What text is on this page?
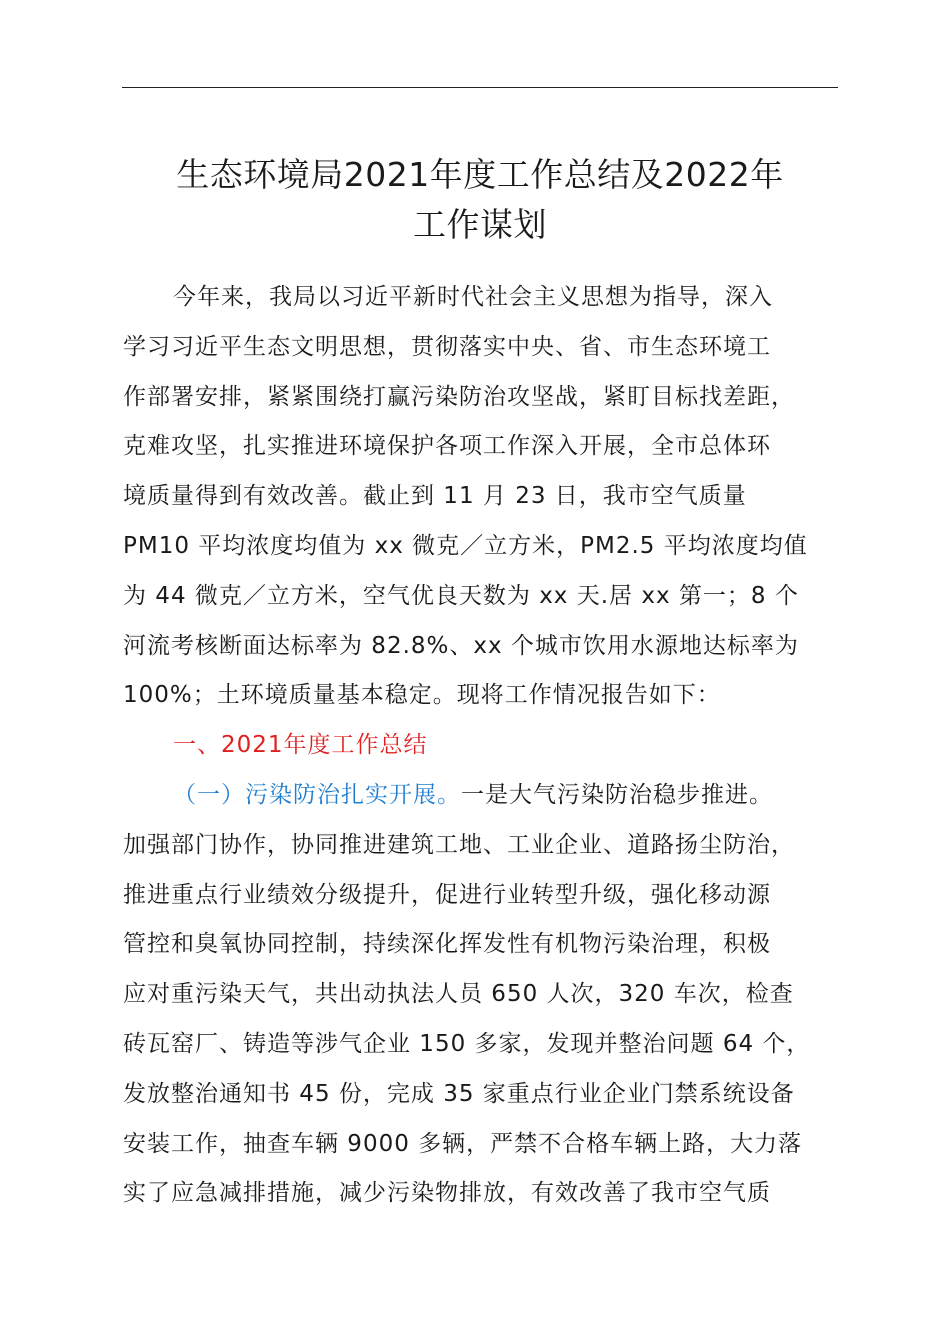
生态环境局2021年度工作总结及2022年
工作谋划
今年来，我局以习近平新时代社会主义思想为指导，深入
学习习近平生态文明思想，贯彻落实中央、省、市生态环境工
作部署安排，紧紧围绕打赢污染防治攻坚战，紧盯目标找差距，
克难攻坚，扎实推进环境保护各项工作深入开展，全市总体环
境质量得到有效改善。截止到 11 月 23 日，我市空气质量
PM10 平均浓度均值为 xx 微克／立方米，PM2.5 平均浓度均值
为 44 微克／立方米，空气优良天数为 xx 天.居 xx 第一；8 个
河流考核断面达标率为 82.8%、xx 个城市饮用水源地达标率为
100%；土环境质量基本稳定。现将工作情况报告如下：
一、2021年度工作总结
（一）污染防治扎实开展。一是大气污染防治稳步推进。
加强部门协作，协同推进建筑工地、工业企业、道路扬尘防治，
推进重点行业绩效分级提升，促进行业转型升级，强化移动源
管控和臭氧协同控制，持续深化挥发性有机物污染治理，积极
应对重污染天气，共出动执法人员 650 人次，320 车次，检查
砖瓦窑厂、铸造等涉气企业 150 多家，发现并整治问题 64 个，
发放整治通知书 45 份，完成 35 家重点行业企业门禁系统设备
安装工作，抽查车辆 9000 多辆，严禁不合格车辆上路，大力落
实了应急减排措施，减少污染物排放，有效改善了我市空气质
